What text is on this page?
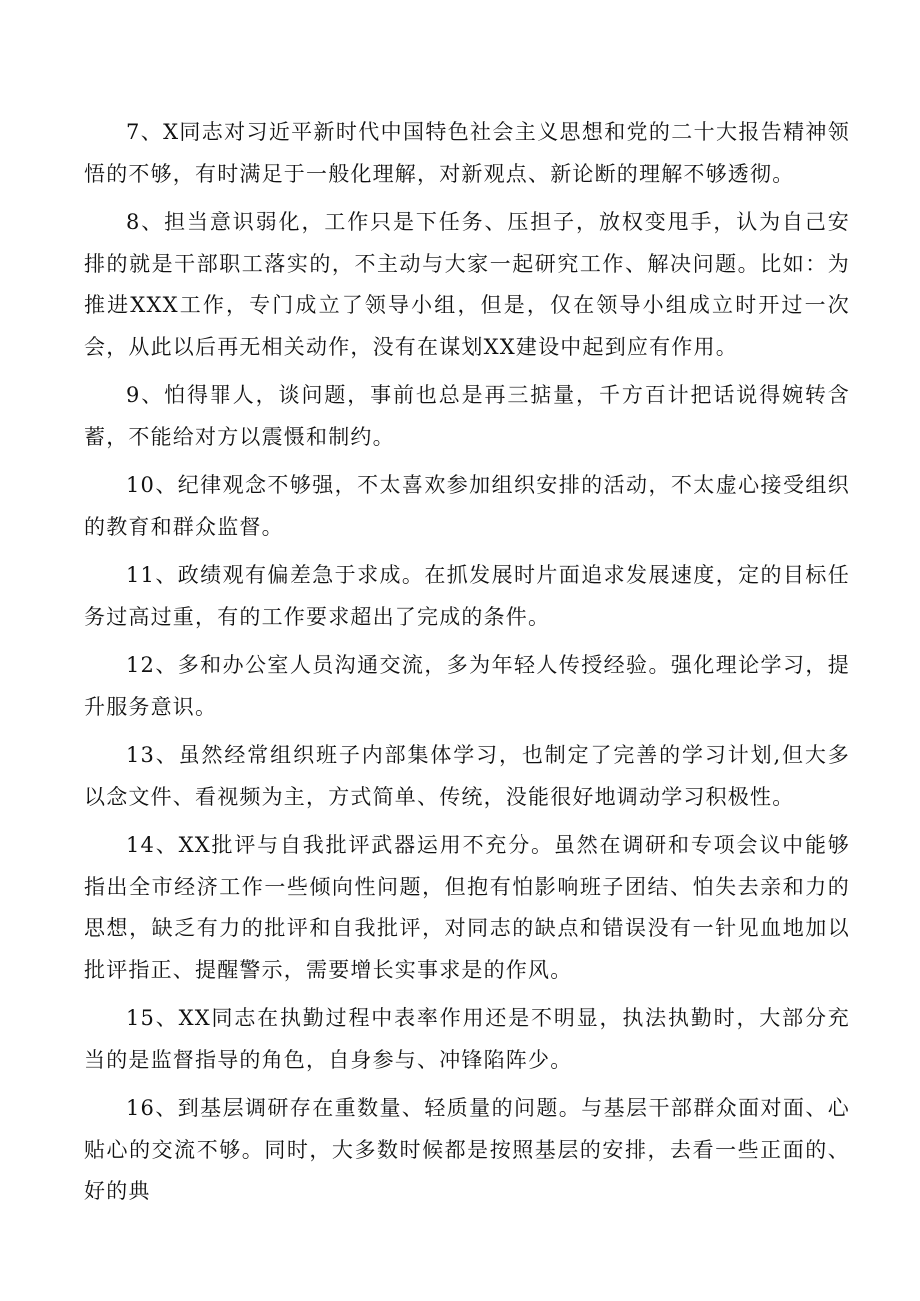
7、X同志对习近平新时代中国特色社会主义思想和党的二十大报告精神领悟的不够，有时满足于一般化理解，对新观点、新论断的理解不够透彻。

8、担当意识弱化，工作只是下任务、压担子，放权变甩手，认为自己安排的就是干部职工落实的，不主动与大家一起研究工作、解决问题。比如：为推进XXX工作，专门成立了领导小组，但是，仅在领导小组成立时开过一次会，从此以后再无相关动作，没有在谋划XX建设中起到应有作用。

9、怕得罪人，谈问题，事前也总是再三掂量，千方百计把话说得婉转含蓄，不能给对方以震慑和制约。

10、纪律观念不够强，不太喜欢参加组织安排的活动，不太虚心接受组织的教育和群众监督。

11、政绩观有偏差急于求成。在抓发展时片面追求发展速度，定的目标任务过高过重，有的工作要求超出了完成的条件。

12、多和办公室人员沟通交流，多为年轻人传授经验。强化理论学习，提升服务意识。

13、虽然经常组织班子内部集体学习，也制定了完善的学习计划,但大多以念文件、看视频为主，方式简单、传统，没能很好地调动学习积极性。

14、XX批评与自我批评武器运用不充分。虽然在调研和专项会议中能够指出全市经济工作一些倾向性问题，但抱有怕影响班子团结、怕失去亲和力的思想，缺乏有力的批评和自我批评，对同志的缺点和错误没有一针见血地加以批评指正、提醒警示，需要增长实事求是的作风。

15、XX同志在执勤过程中表率作用还是不明显，执法执勤时，大部分充当的是监督指导的角色，自身参与、冲锋陷阵少。

16、到基层调研存在重数量、轻质量的问题。与基层干部群众面对面、心贴心的交流不够。同时，大多数时候都是按照基层的安排，去看一些正面的、好的典
